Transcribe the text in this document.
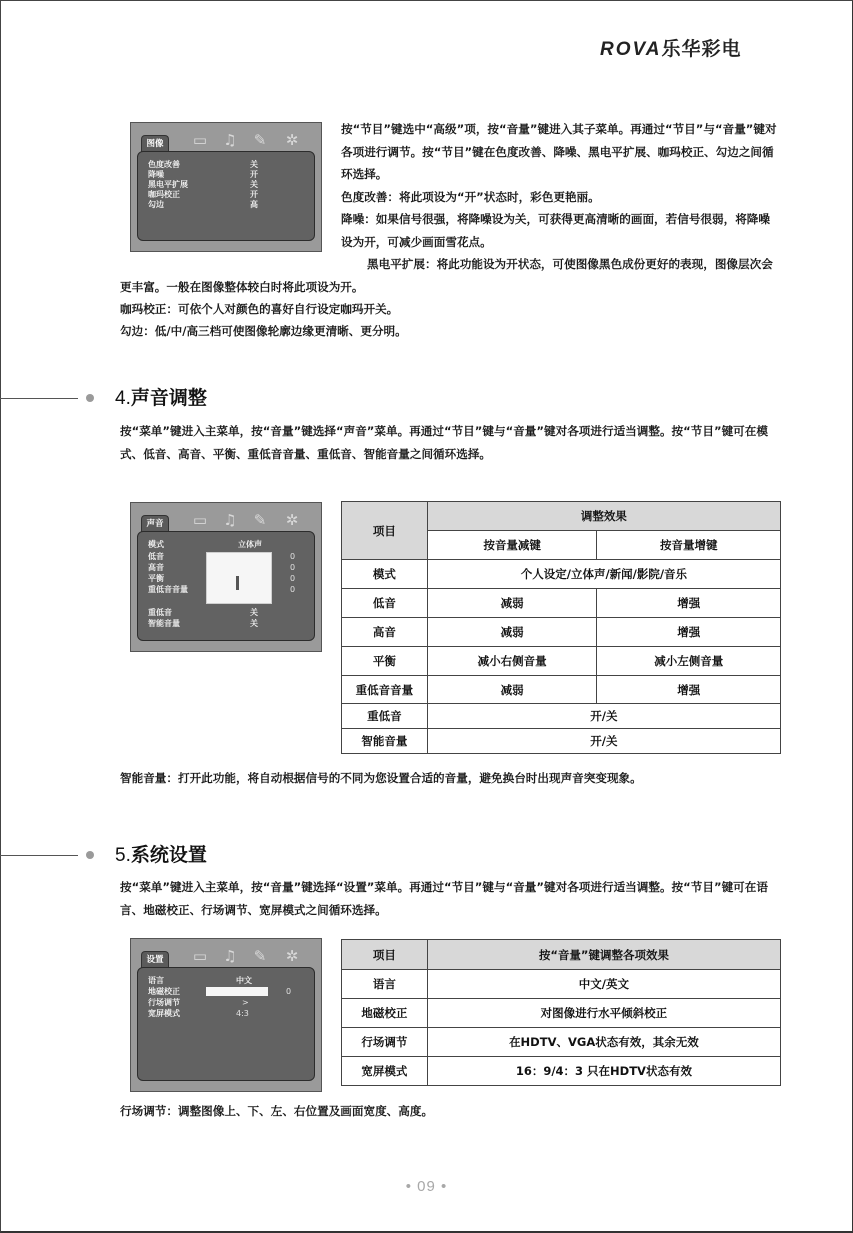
ROVA乐华彩电
图像	▭ ♫	✎	✲
色度改善	关
降噪	开
黑电平扩展	关
咖玛校正	开
勾边	高

按“节目”键选中“高级”项，按“音量”键进入其子菜单。再通过“节目”与“音量”键对各项进行调节。按“节目”键在色度改善、降噪、黑电平扩展、咖玛校正、勾边之间循环选择。

色度改善：将此项设为“开”状态时，彩色更艳丽。

降噪：如果信号很强，将降噪设为关，可获得更高清晰的画面，若信号很弱，将降噪设为开，可减少画面雪花点。

黑电平扩展：将此功能设为开状态，可使图像黑色成份更好的表现，图像层次会更丰富。一般在图像整体较白时将此项设为开。

咖玛校正：可依个人对颜色的喜好自行设定咖玛开关。

勾边：低/中/高三档可使图像轮廓边缘更清晰、更分明。

4.声音调整

按“菜单”键进入主菜单，按“音量”键选择“声音”菜单。再通过“节目”键与“音量”键对各项进行适当调整。按“节目”键可在模式、低音、高音、平衡、重低音音量、重低音、智能音量之间循环选择。

声音	▭ ♫	✎	✲
模式	立体声
低音	0
高音	0
平衡	0
重低音音量	0
重低音	关
智能音量	关
项目	调整效果	
	按音量减键	按音量增键
模式	个人设定/立体声/新闻/影院/音乐	
低音	减弱	增强
高音	减弱	增强
平衡	减小右侧音量	减小左侧音量
重低音音量	减弱	增强
重低音	开/关	
智能音量	开/关	

智能音量：打开此功能，将自动根据信号的不同为您设置合适的音量，避免换台时出现声音突变现象。

5.系统设置

按“菜单”键进入主菜单，按“音量”键选择“设置”菜单。再通过“节目”键与“音量”键对各项进行适当调整。按“节目”键可在语言、地磁校正、行场调节、宽屏模式之间循环选择。

设置	▭ ♫	✎	✲
语言	中文
地磁校正	0
行场调节	>
宽屏模式	4:3
项目	按“音量”键调整各项效果
语言	中文/英文
地磁校正	对图像进行水平倾斜校正
行场调节	在HDTV、VGA状态有效，其余无效
宽屏模式	16：9/4：3 只在HDTV状态有效

行场调节：调整图像上、下、左、右位置及画面宽度、高度。

• 09 •
